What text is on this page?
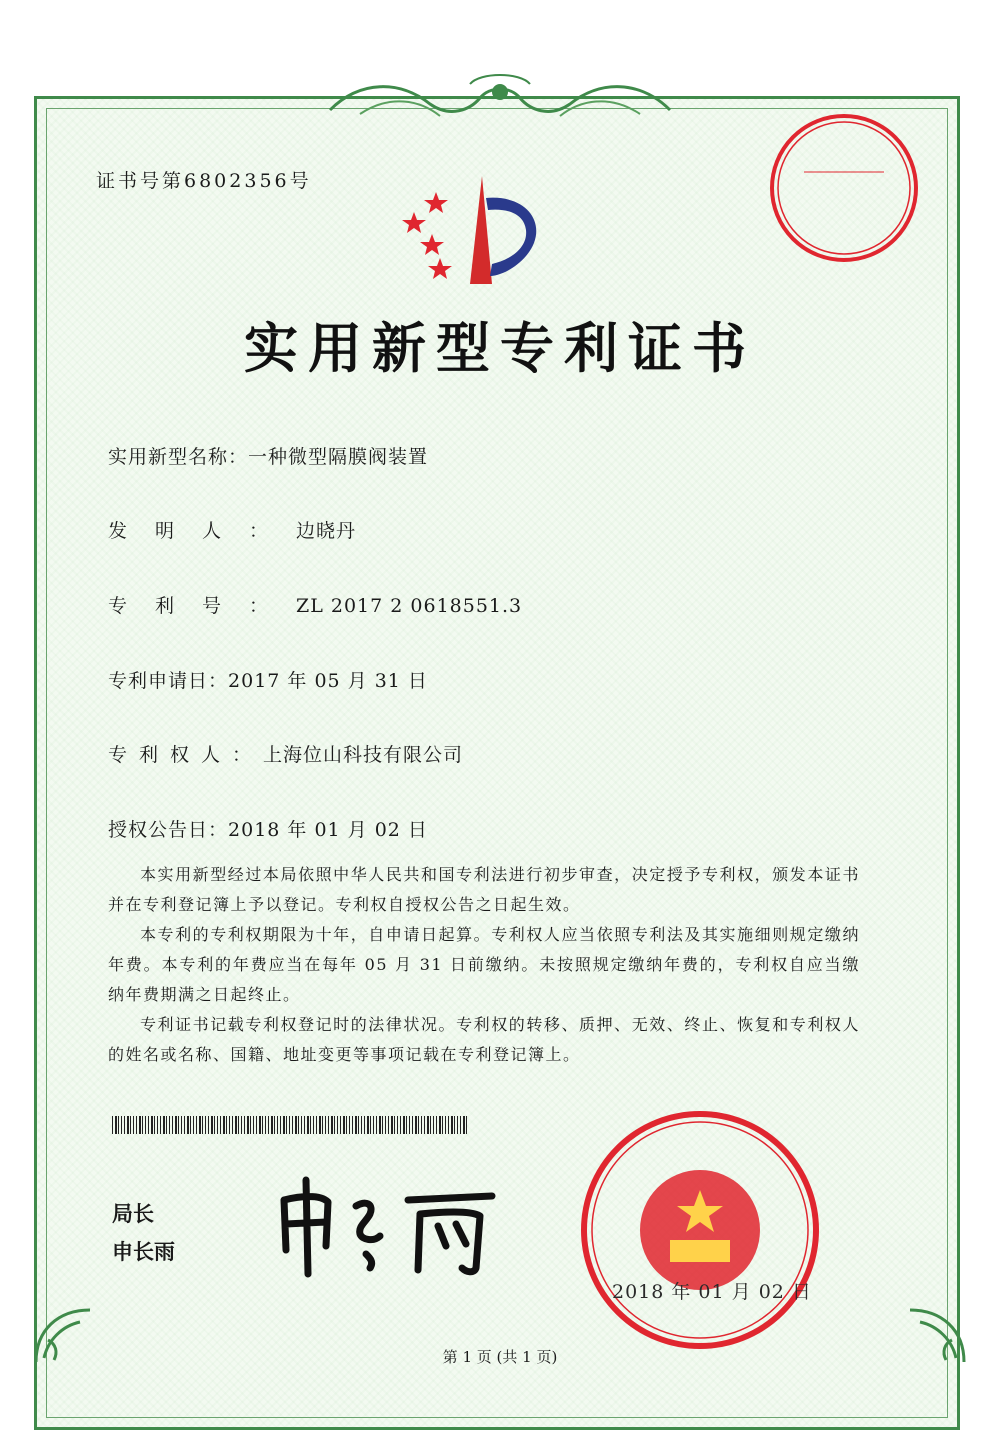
证书号第6802356号
实用新型专利证书
实用新型名称：一种微型隔膜阀装置
发明人：边晓丹
专利号：ZL 2017 2 0618551.3
专利申请日：2017 年 05 月 31 日
专利权人：上海位山科技有限公司
授权公告日：2018 年 01 月 02 日

本实用新型经过本局依照中华人民共和国专利法进行初步审查，决定授予专利权，颁发本证书并在专利登记簿上予以登记。专利权自授权公告之日起生效。

本专利的专利权期限为十年，自申请日起算。专利权人应当依照专利法及其实施细则规定缴纳年费。本专利的年费应当在每年 05 月 31 日前缴纳。未按照规定缴纳年费的，专利权自应当缴纳年费期满之日起终止。

专利证书记载专利权登记时的法律状况。专利权的转移、质押、无效、终止、恢复和专利权人的姓名或名称、国籍、地址变更等事项记载在专利登记簿上。

局长
申长雨
2018 年 01 月 02 日
第 1 页 (共 1 页)
